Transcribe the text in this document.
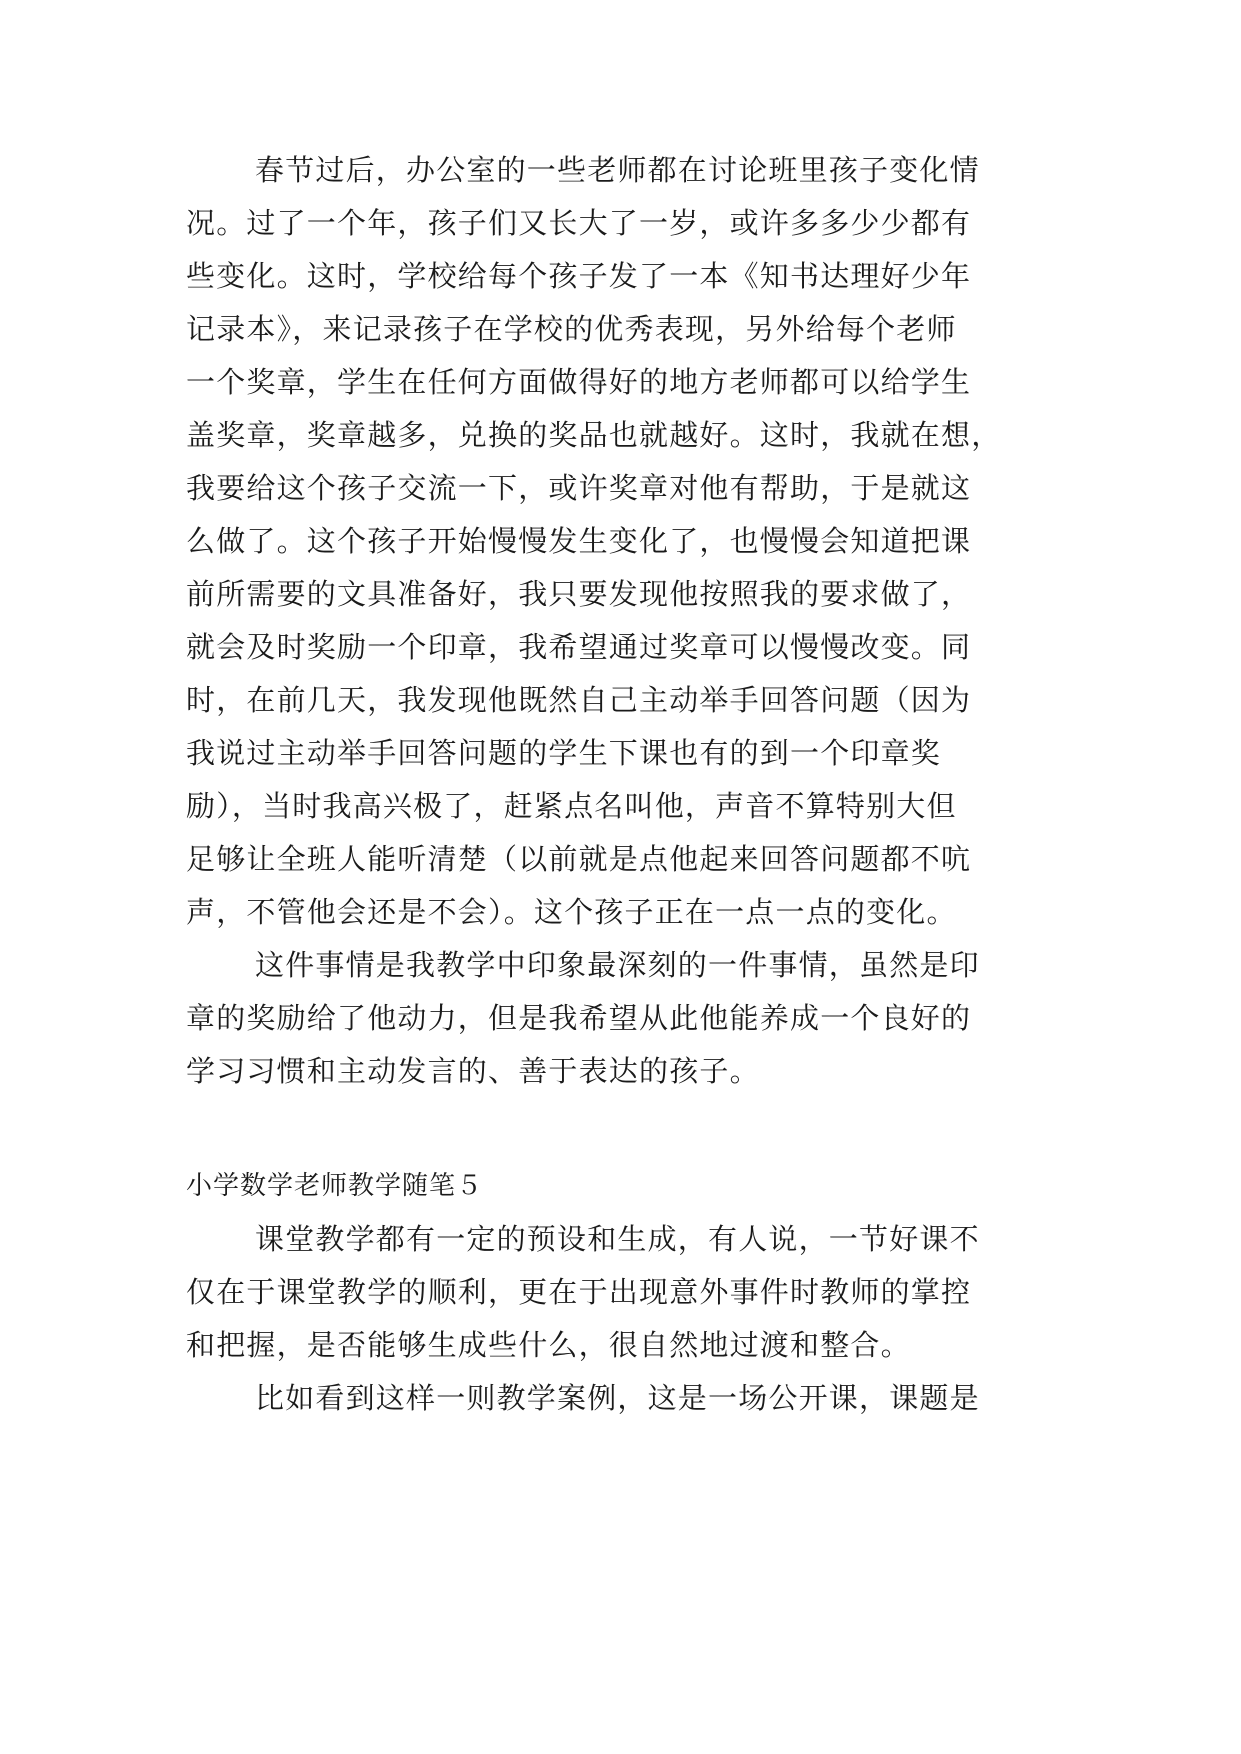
春节过后，办公室的一些老师都在讨论班里孩子变化情
况。过了一个年，孩子们又长大了一岁，或许多多少少都有
些变化。这时，学校给每个孩子发了一本《知书达理好少年
记录本》，来记录孩子在学校的优秀表现，另外给每个老师
一个奖章，学生在任何方面做得好的地方老师都可以给学生
盖奖章，奖章越多，兑换的奖品也就越好。这时，我就在想，
我要给这个孩子交流一下，或许奖章对他有帮助，于是就这
么做了。这个孩子开始慢慢发生变化了，也慢慢会知道把课
前所需要的文具准备好，我只要发现他按照我的要求做了，
就会及时奖励一个印章，我希望通过奖章可以慢慢改变。同
时，在前几天，我发现他既然自己主动举手回答问题（因为
我说过主动举手回答问题的学生下课也有的到一个印章奖
励），当时我高兴极了，赶紧点名叫他，声音不算特别大但
足够让全班人能听清楚（以前就是点他起来回答问题都不吭
声，不管他会还是不会）。这个孩子正在一点一点的变化。
这件事情是我教学中印象最深刻的一件事情，虽然是印
章的奖励给了他动力，但是我希望从此他能养成一个良好的
学习习惯和主动发言的、善于表达的孩子。
小学数学老师教学随笔５
课堂教学都有一定的预设和生成，有人说，一节好课不
仅在于课堂教学的顺利，更在于出现意外事件时教师的掌控
和把握，是否能够生成些什么，很自然地过渡和整合。
比如看到这样一则教学案例，这是一场公开课，课题是
